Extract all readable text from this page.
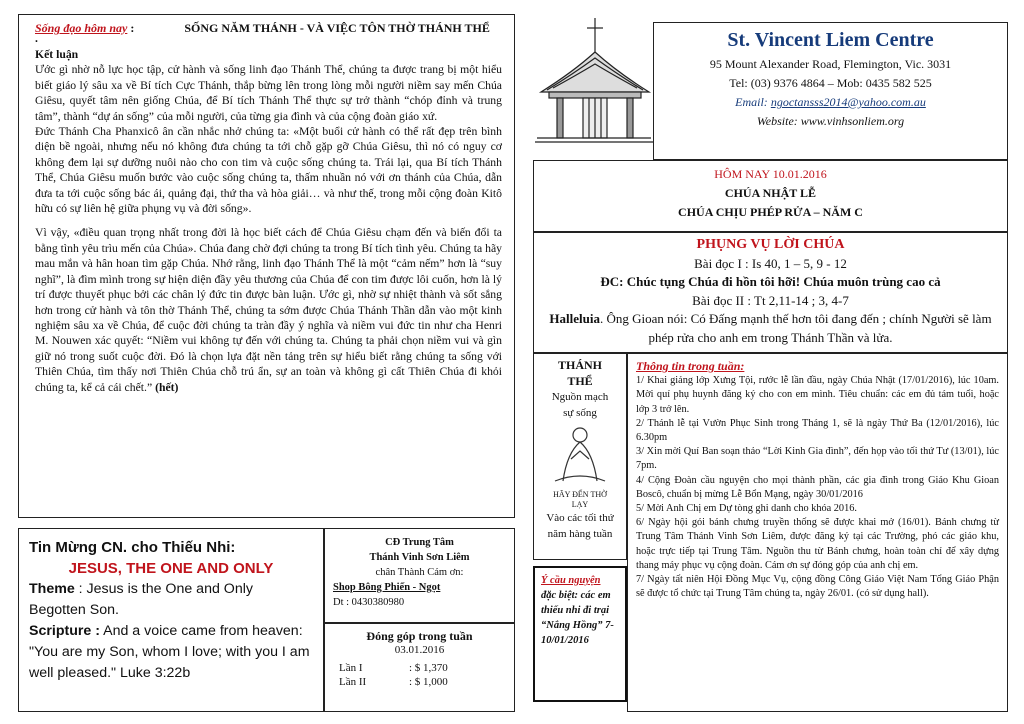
Sống đạo hôm nay :	SỐNG NĂM THÁNH - VÀ VIỆC TÔN THỜ THÁNH THỂ
.
Kết luận

Ước gì nhờ nỗ lực học tập, cử hành và sống linh đạo Thánh Thể, chúng ta được trang bị một hiểu biết giáo lý sâu xa về Bí tích Cực Thánh, thắp bừng lên trong lòng mỗi người niềm say mến Chúa Giêsu, quyết tâm nên giống Chúa, để Bí tích Thánh Thể thực sự trở thành “chóp đỉnh và trung tâm”, thành “dự án sống” của mỗi người, của từng gia đình và của cộng đoàn giáo xứ.

Đức Thánh Cha Phanxicô ân cần nhắc nhở chúng ta: «Một buổi cử hành có thể rất đẹp trên bình diện bề ngoài, nhưng nếu nó không đưa chúng ta tới chỗ gặp gỡ Chúa Giêsu, thì nó có nguy cơ không đem lại sự dưỡng nuôi nào cho con tim và cuộc sống chúng ta. Trái lại, qua Bí tích Thánh Thể, Chúa Giêsu muốn bước vào cuộc sống chúng ta, thấm nhuần nó với ơn thánh của Chúa, dẫn đưa ta tới cuộc sống bác ái, quảng đại, thứ tha và hòa giải… và như thế, trong mỗi cộng đoàn Kitô hữu có sự liên hệ giữa phụng vụ và đời sống».

Vì vậy, «điều quan trọng nhất trong đời là học biết cách để Chúa Giêsu chạm đến và biến đổi ta bằng tình yêu trìu mến của Chúa». Chúa đang chờ đợi chúng ta trong Bí tích tình yêu. Chúng ta hãy mau mắn và hân hoan tìm gặp Chúa. Nhớ rằng, linh đạo Thánh Thể là một “cảm nếm” hơn là “suy nghĩ”, là đìm mình trong sự hiện diện đầy yêu thương của Chúa để con tim được lôi cuốn, hơn là lý trí được thuyết phục bởi các chân lý đức tin được bàn luận. Ước gì, nhờ sự nhiệt thành và sốt sắng hơn trong cử hành và tôn thờ Thánh Thể, chúng ta sớm được Chúa Thánh Thần dẫn vào một kinh nghiệm sâu xa về Chúa, để cuộc đời chúng ta tràn đầy ý nghĩa và niềm vui đức tin như cha Henri M. Nouwen xác quyết: “Niềm vui không tự đến với chúng ta. Chúng ta phải chọn niềm vui và gìn giữ nó trong suốt cuộc đời. Đó là chọn lựa đặt nền tảng trên sự hiểu biết rằng chúng ta sống với Thiên Chúa, tìm thấy nơi Thiên Chúa chỗ trú ẩn, sự an toàn và không gì cất Thiên Chúa đi khỏi chúng ta, kể cả cái chết.” (hết)

Tin Mừng CN. cho Thiếu Nhi:
JESUS, THE ONE AND ONLY

Theme : Jesus is the One and Only Begotten Son.

Scripture : And a voice came from heaven: "You are my Son, whom I love; with you I am well pleased." Luke 3:22b

CĐ Trung Tâm
Thánh Vinh Sơn Liêm
chân Thành Cám ơn:
Shop Bông Phiến - Ngọt
Dt : 0430380980
Đóng góp trong tuần
03.01.2016
Lần I	: $ 1,370
Lần II	: $ 1,000
St. Vincent Liem Centre
95 Mount Alexander Road, Flemington, Vic. 3031
Tel: (03) 9376 4864 – Mob: 0435 582 525
Email: ngoctansss2014@yahoo.com.au
Website: www.vinhsonliem.org
HÔM NAY 10.01.2016
CHÚA NHẬT LỄ
CHÚA CHỊU PHÉP RỬA – NĂM C
PHỤNG VỤ LỜI CHÚA
Bài đọc I : Is 40, 1 – 5, 9 - 12
ĐC: Chúc tụng Chúa đi hồn tôi hỡi! Chúa muôn trùng cao cả
Bài đọc II : Tt 2,11-14 ; 3, 4-7
Halleluia. Ông Gioan nói: Có Đấng mạnh thế hơn tôi đang đến ; chính Người sẽ làm phép rửa cho anh em trong Thánh Thần và lửa.
THÁNH
THỂ
Nguồn mạch
sự sống
HÃY ĐẾN THỜ
LẠY
Vào các tối thứ
năm hàng tuần
Ý cầu nguyện
đặc biệt: các em thiếu nhi đi trại “Nắng Hồng” 7-10/01/2016
Thông tin trong tuần:

1/ Khai giảng lớp Xưng Tội, rước lễ lần đầu, ngày Chúa Nhật (17/01/2016), lúc 10am. Mời quí phụ huynh đăng ký cho con em mình. Tiêu chuẩn: các em đủ tám tuổi, hoặc lớp 3 trở lên.

2/ Thánh lễ tại Vườn Phục Sinh trong Tháng 1, sẽ là ngày Thứ Ba (12/01/2016), lúc 6.30pm

3/ Xin mời Quí Ban soạn thảo “Lời Kinh Gia đình”, đến họp vào tối thứ Tư (13/01), lúc 7pm.

4/ Cộng Đoàn cầu nguyện cho mọi thành phần, các gia đình trong Giáo Khu Gioan Boscô, chuẩn bị mừng Lễ Bổn Mạng, ngày 30/01/2016

5/ Mời Anh Chị em Dự tòng ghi danh cho khóa 2016.

6/ Ngày hội gói bánh chưng truyền thống sẽ được khai mở (16/01). Bánh chưng từ Trung Tâm Thánh Vinh Sơn Liêm, được đăng ký tại các Trường, phó các giáo khu, hoặc trực tiếp tại Trung Tâm. Nguồn thu từ Bánh chưng, hoàn toàn chỉ để xây dựng thang máy phục vụ cộng đoàn. Cám ơn sự đóng góp của anh chị em.

7/ Ngày tất niên Hội Đồng Mục Vụ, cộng đồng Công Giáo Việt Nam Tổng Giáo Phận sẽ được tổ chức tại Trung Tâm chúng ta, ngày 26/01. (có sử dụng hall).
